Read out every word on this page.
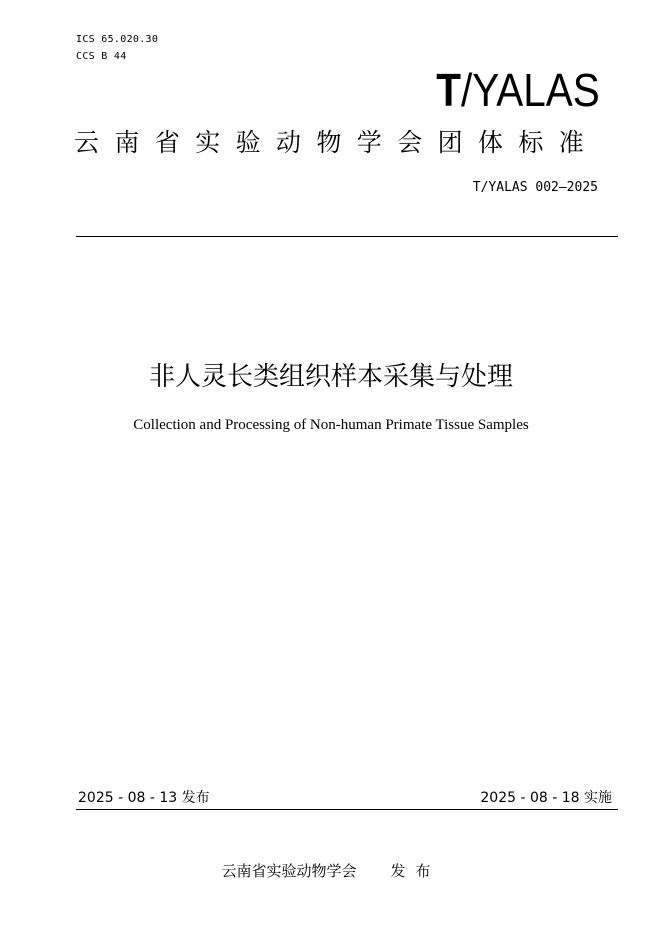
ICS 65.020.30
CCS B 44
T/YALAS
云南省实验动物学会团体标准
T/YALAS 002—2025
非人灵长类组织样本采集与处理
Collection and Processing of Non-human Primate Tissue Samples
2025 - 08 - 13 发布	2025 - 08 - 18 实施
云南省实验动物学会 发布
